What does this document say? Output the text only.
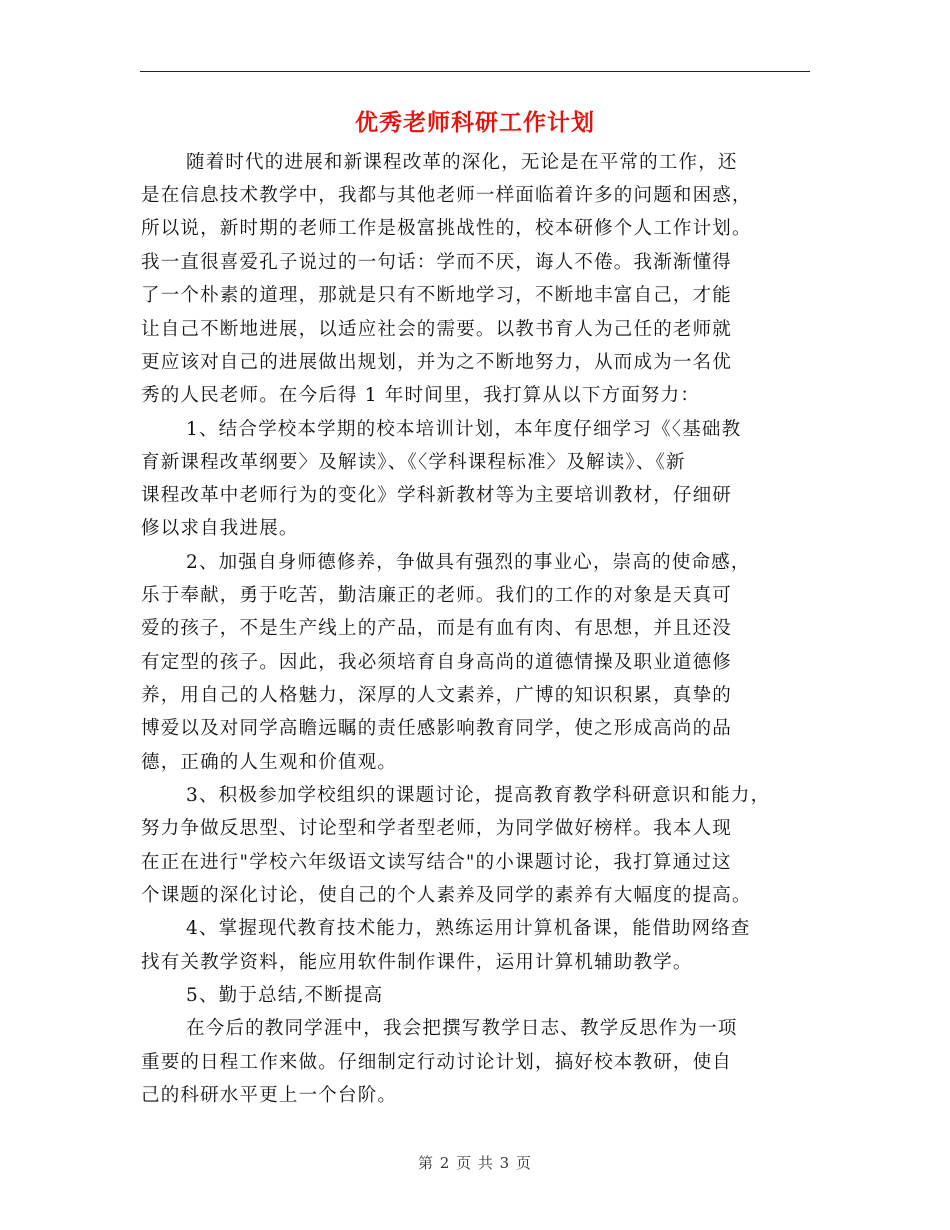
优秀老师科研工作计划

随着时代的进展和新课程改革的深化，无论是在平常的工作，还

是在信息技术教学中，我都与其他老师一样面临着许多的问题和困惑，

所以说，新时期的老师工作是极富挑战性的，校本研修个人工作计划。

我一直很喜爱孔子说过的一句话：学而不厌，诲人不倦。我渐渐懂得

了一个朴素的道理，那就是只有不断地学习，不断地丰富自己，才能

让自己不断地进展，以适应社会的需要。以教书育人为己任的老师就

更应该对自己的进展做出规划，并为之不断地努力，从而成为一名优

秀的人民老师。在今后得 1 年时间里，我打算从以下方面努力：

1、结合学校本学期的校本培训计划，本年度仔细学习《〈基础教

育新课程改革纲要〉及解读》、《〈学科课程标准〉及解读》、《新

课程改革中老师行为的变化》学科新教材等为主要培训教材，仔细研

修以求自我进展。

2、加强自身师德修养，争做具有强烈的事业心，崇高的使命感，

乐于奉献，勇于吃苦，勤洁廉正的老师。我们的工作的对象是天真可

爱的孩子，不是生产线上的产品，而是有血有肉、有思想，并且还没

有定型的孩子。因此，我必须培育自身高尚的道德情操及职业道德修

养，用自己的人格魅力，深厚的人文素养，广博的知识积累，真挚的

博爱以及对同学高瞻远瞩的责任感影响教育同学，使之形成高尚的品

德，正确的人生观和价值观。

3、积极参加学校组织的课题讨论，提高教育教学科研意识和能力，

努力争做反思型、讨论型和学者型老师，为同学做好榜样。我本人现

在正在进行"学校六年级语文读写结合"的小课题讨论，我打算通过这

个课题的深化讨论，使自己的个人素养及同学的素养有大幅度的提高。

4、掌握现代教育技术能力，熟练运用计算机备课，能借助网络查

找有关教学资料，能应用软件制作课件，运用计算机辅助教学。

5、勤于总结,不断提高

在今后的教同学涯中，我会把撰写教学日志、教学反思作为一项

重要的日程工作来做。仔细制定行动讨论计划，搞好校本教研，使自

己的科研水平更上一个台阶。

第 2 页 共 3 页
